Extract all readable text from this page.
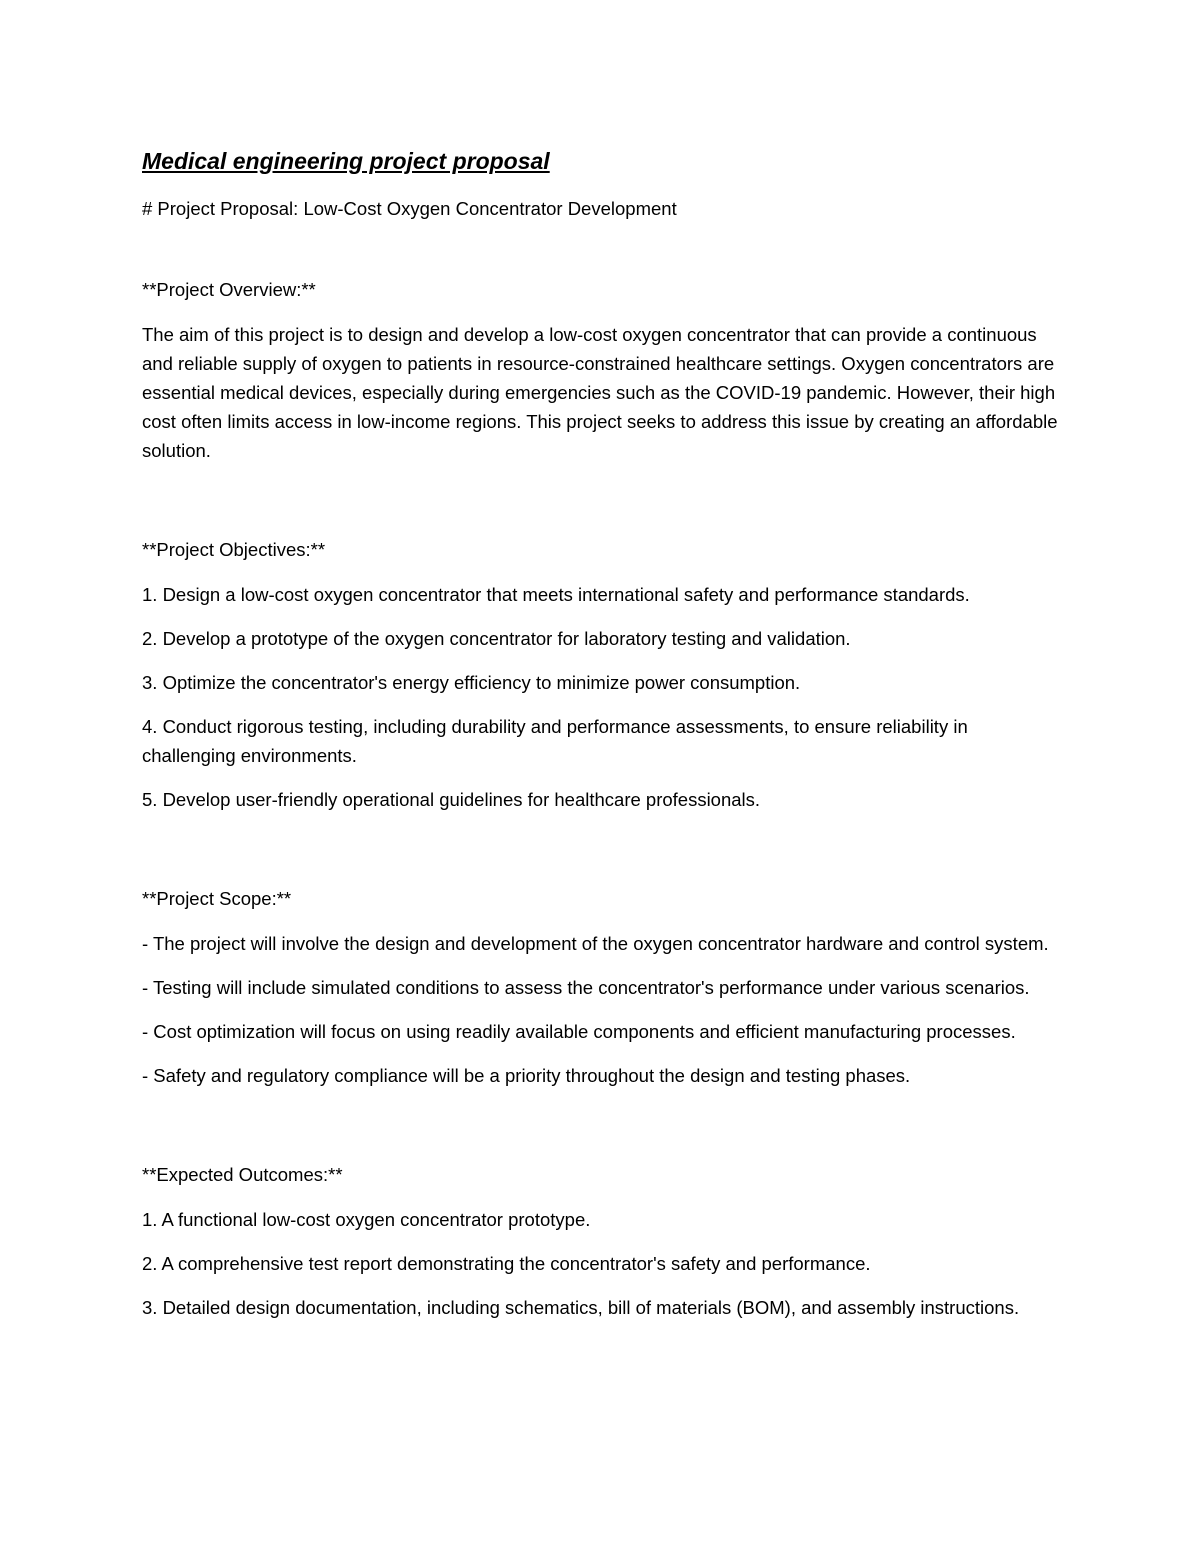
Medical engineering project proposal
# Project Proposal: Low-Cost Oxygen Concentrator Development
**Project Overview:**
The aim of this project is to design and develop a low-cost oxygen concentrator that can provide a continuous and reliable supply of oxygen to patients in resource-constrained healthcare settings. Oxygen concentrators are essential medical devices, especially during emergencies such as the COVID-19 pandemic. However, their high cost often limits access in low-income regions. This project seeks to address this issue by creating an affordable solution.
**Project Objectives:**
1. Design a low-cost oxygen concentrator that meets international safety and performance standards.
2. Develop a prototype of the oxygen concentrator for laboratory testing and validation.
3. Optimize the concentrator's energy efficiency to minimize power consumption.
4. Conduct rigorous testing, including durability and performance assessments, to ensure reliability in challenging environments.
5. Develop user-friendly operational guidelines for healthcare professionals.
**Project Scope:**
- The project will involve the design and development of the oxygen concentrator hardware and control system.
- Testing will include simulated conditions to assess the concentrator's performance under various scenarios.
- Cost optimization will focus on using readily available components and efficient manufacturing processes.
- Safety and regulatory compliance will be a priority throughout the design and testing phases.
**Expected Outcomes:**
1. A functional low-cost oxygen concentrator prototype.
2. A comprehensive test report demonstrating the concentrator's safety and performance.
3. Detailed design documentation, including schematics, bill of materials (BOM), and assembly instructions.
